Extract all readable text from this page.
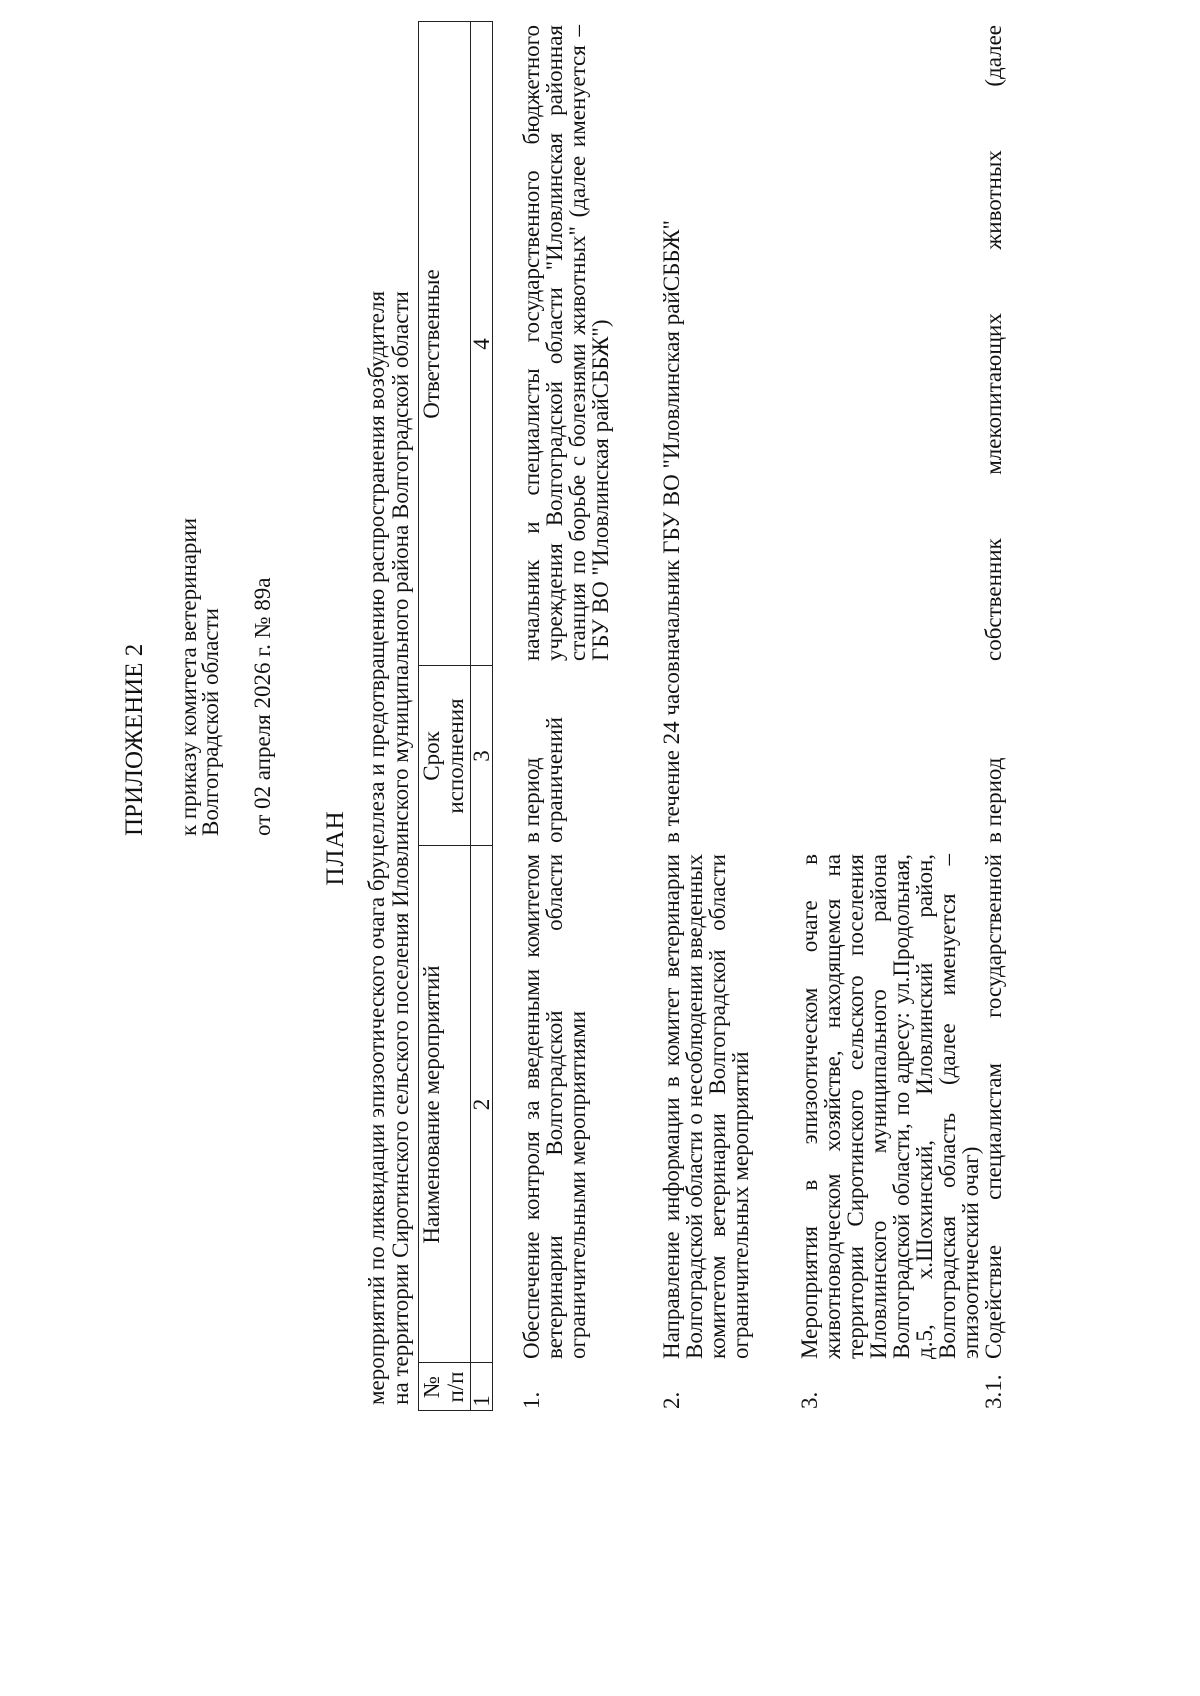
ПРИЛОЖЕНИЕ 2 к приказу комитета ветеринарии
Волгоградской области от 02 апреля 2026 г. № 89а
ПЛАН мероприятий по ликвидации эпизоотического очага бруцеллеза и предотвращению распространения возбудителя на территории Сиротинского сельского поселения Иловлинского муниципального района Волгоградской области № п/п
Наименование мероприятий
Срок исполнения
Ответственные
1
2
3
4
1.
Обеспечение контроля за введенными комитетом ветеринарии Волгоградской области ограничительными мероприятиями
в период ограничений
начальник и специалисты государственного бюджетного учреждения Волгоградской области "Иловлинская районная станция по борьбе с болезнями животных" (далее именуется – ГБУ ВО "Иловлинская райСББЖ")
2.
Направление информации в комитет ветеринарии Волгоградской области о несоблюдении введенных комитетом ветеринарии Волгоградской области ограничительных мероприятий
в течение 24 часов
начальник ГБУ ВО "Иловлинская райСББЖ"
3.
Мероприятия в эпизоотическом очаге в животноводческом хозяйстве, находящемся на территории Сиротинского сельского поселения Иловлинского муниципального района Волгоградской области, по адресу: ул.Продольная, д.5, х.Шохинский, Иловлинский район, Волгоградская область (далее именуется – эпизоотический очаг)
3.1.
Содействие специалистам государственной
в период
собственник млекопитающих животных (далее
